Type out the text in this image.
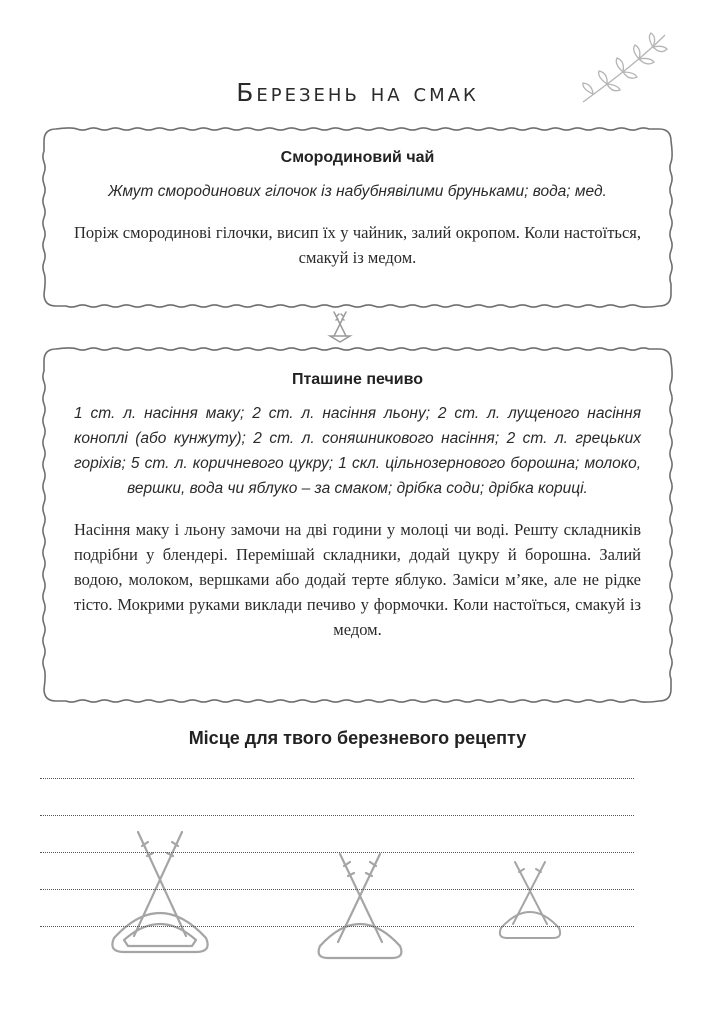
Березень на смак
Смородиновий чай

Жмут смородинових гілочок із набубнявілими бруньками; вода; мед.

Поріж смородинові гілочки, висип їх у чайник, залий окропом. Коли настоїться, смакуй із медом.

Пташине печиво

1 ст. л. насіння маку; 2 ст. л. насіння льону; 2 ст. л. лущеного насіння коноплі (або кунжуту); 2 ст. л. соняшникового насіння; 2 ст. л. грецьких горіхів; 5 ст. л. коричневого цукру; 1 скл. цільнозернового борошна; молоко, вершки, вода чи яблуко – за смаком; дрібка соди; дрібка кориці.

Насіння маку і льону замочи на дві години у молоці чи воді. Решту складників подрібни у блендері. Перемішай складники, додай цукру й борошна. Залий водою, молоком, вершками або додай терте яблуко. Заміси м’яке, але не рідке тісто. Мокрими руками виклади печиво у формочки. Коли настоїться, смакуй із медом.

Місце для твого березневого рецепту
